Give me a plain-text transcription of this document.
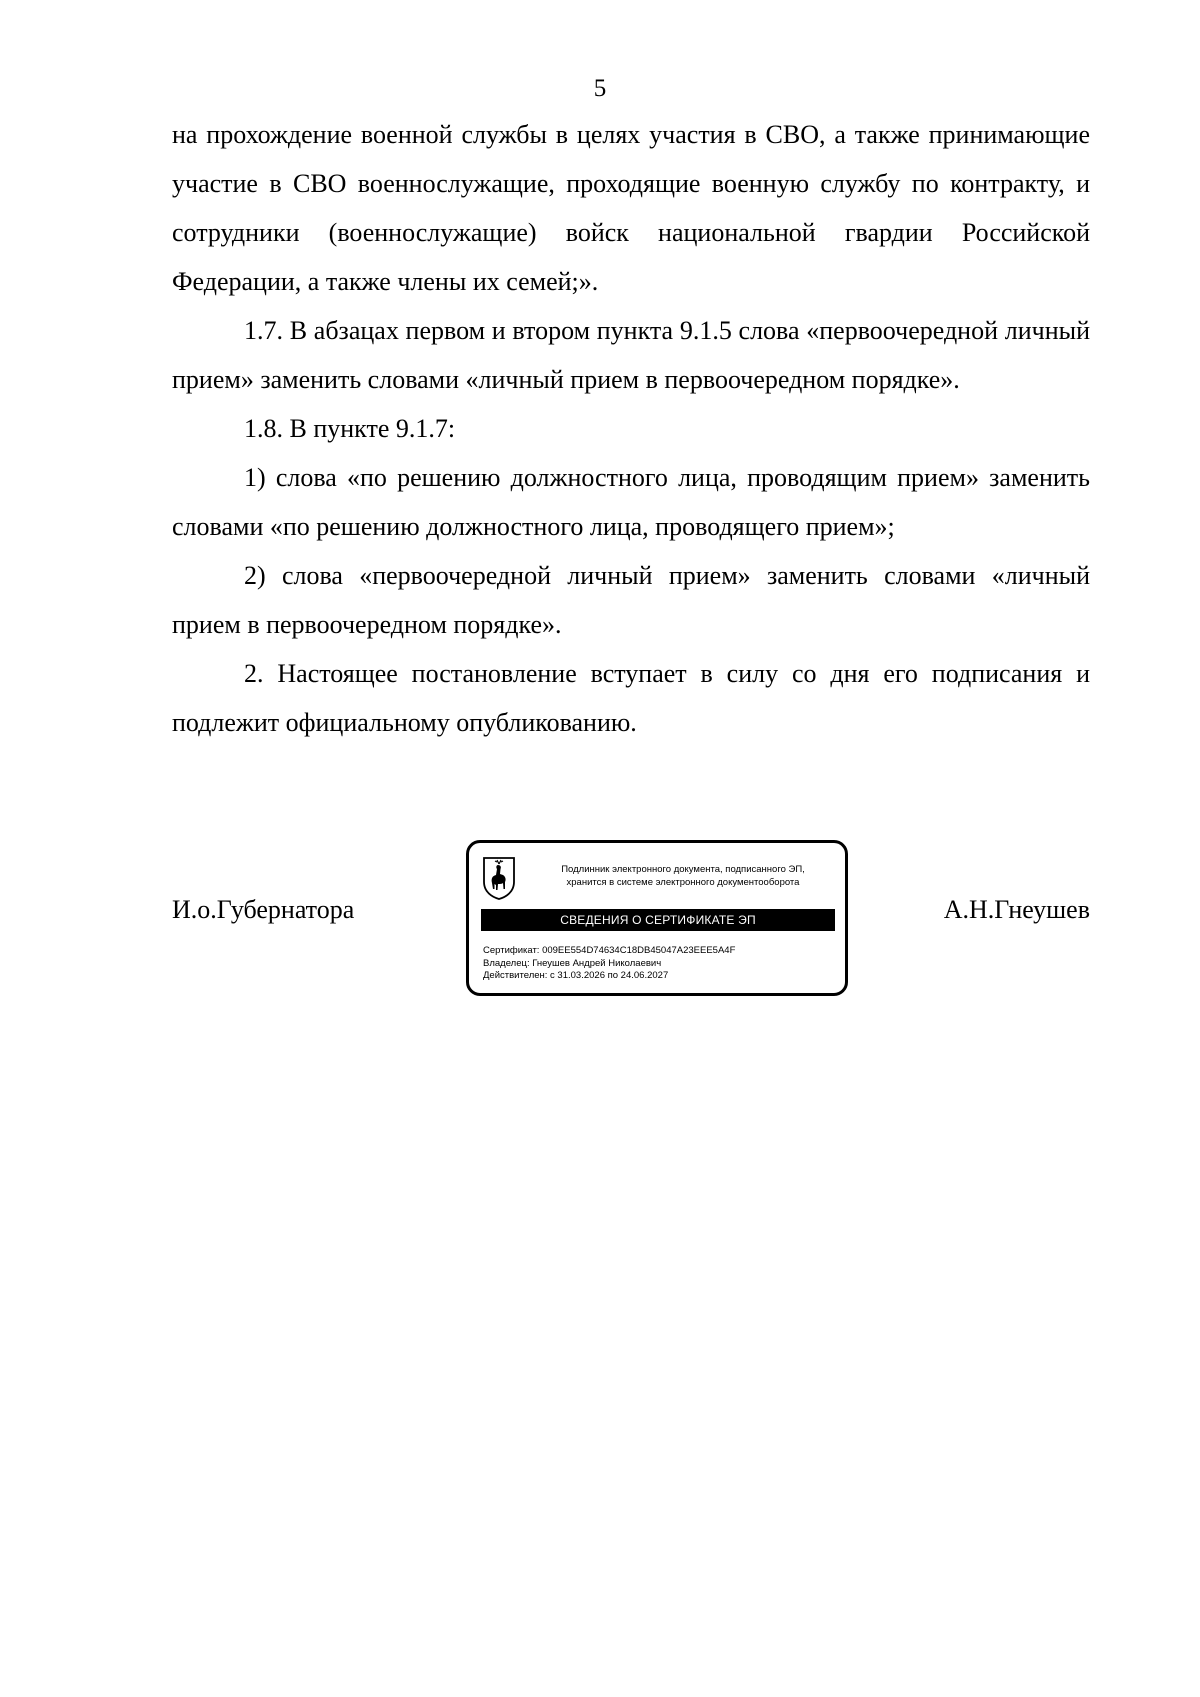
5

на прохождение военной службы в целях участия в СВО, а также принимающие участие в СВО военнослужащие, проходящие военную службу по контракту, и сотрудники (военнослужащие) войск национальной гвардии Российской Федерации, а также члены их семей;».

1.7. В абзацах первом и втором пункта 9.1.5 слова «первоочередной личный прием» заменить словами «личный прием в первоочередном порядке».

1.8. В пункте 9.1.7:

1) слова «по решению должностного лица, проводящим прием» заменить словами «по решению должностного лица, проводящего прием»;

2) слова «первоочередной личный прием» заменить словами «личный прием в первоочередном порядке».

2. Настоящее постановление вступает в силу со дня его подписания и подлежит официальному опубликованию.

И.о.Губернатора	А.Н.Гнеушев
Подлинник электронного документа, подписанного ЭП,
хранится в системе электронного документооборота
СВЕДЕНИЯ О СЕРТИФИКАТЕ ЭП
Сертификат: 009EE554D74634C18DB45047A23EEE5A4F
Владелец: Гнеушев Андрей Николаевич
Действителен: с 31.03.2026 по 24.06.2027
